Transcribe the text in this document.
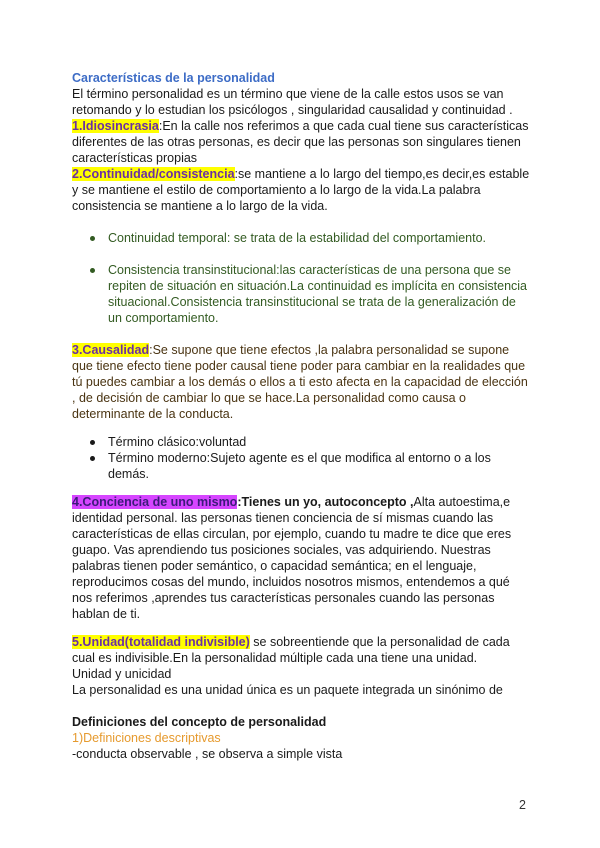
Características de la personalidad

El término personalidad es un término que viene de la calle estos usos se van retomando y lo estudian los psicólogos , singularidad causalidad y continuidad .

1.Idiosincrasia:En la calle nos referimos a que cada cual tiene sus características diferentes de las otras personas, es decir que las personas son singulares tienen características propias

2.Continuidad/consistencia:se mantiene a lo largo del tiempo,es decir,es estable y se mantiene el estilo de comportamiento a lo largo de la vida.La palabra consistencia se mantiene a lo largo de la vida.

Continuidad temporal: se trata de la estabilidad del comportamiento.
Consistencia transinstitucional:las características de una persona que se repiten de situación en situación.La continuidad es implícita en consistencia situacional.Consistencia transinstitucional se trata de la generalización de un comportamiento.

3.Causalidad:Se supone que tiene efectos ,la palabra personalidad se supone que tiene efecto tiene poder causal tiene poder para cambiar en la realidades que tú puedes cambiar a los demás o ellos a ti esto afecta en la capacidad de elección , de decisión de cambiar lo que se hace.La personalidad como causa o determinante de la conducta.

Término clásico:voluntad
Término moderno:Sujeto agente es el que modifica al entorno o a los demás.

4.Conciencia de uno mismo:Tienes un yo, autoconcepto ,Alta autoestima,e identidad personal. las personas tienen conciencia de sí mismas cuando las características de ellas circulan, por ejemplo, cuando tu madre te dice que eres guapo. Vas aprendiendo tus posiciones sociales, vas adquiriendo. Nuestras palabras tienen poder semántico, o capacidad semántica; en el lenguaje, reproducimos cosas del mundo, incluidos nosotros mismos, entendemos a qué nos referimos ,aprendes tus características personales cuando las personas hablan de ti.

5.Unidad(totalidad indivisible) se sobreentiende que la personalidad de cada cual es indivisible.En la personalidad múltiple cada una tiene una unidad.

Unidad y unicidad

La personalidad es una unidad única es un paquete integrada un sinónimo de

Definiciones del concepto de personalidad

1)Definiciones descriptivas

-conducta observable , se observa a simple vista

2
